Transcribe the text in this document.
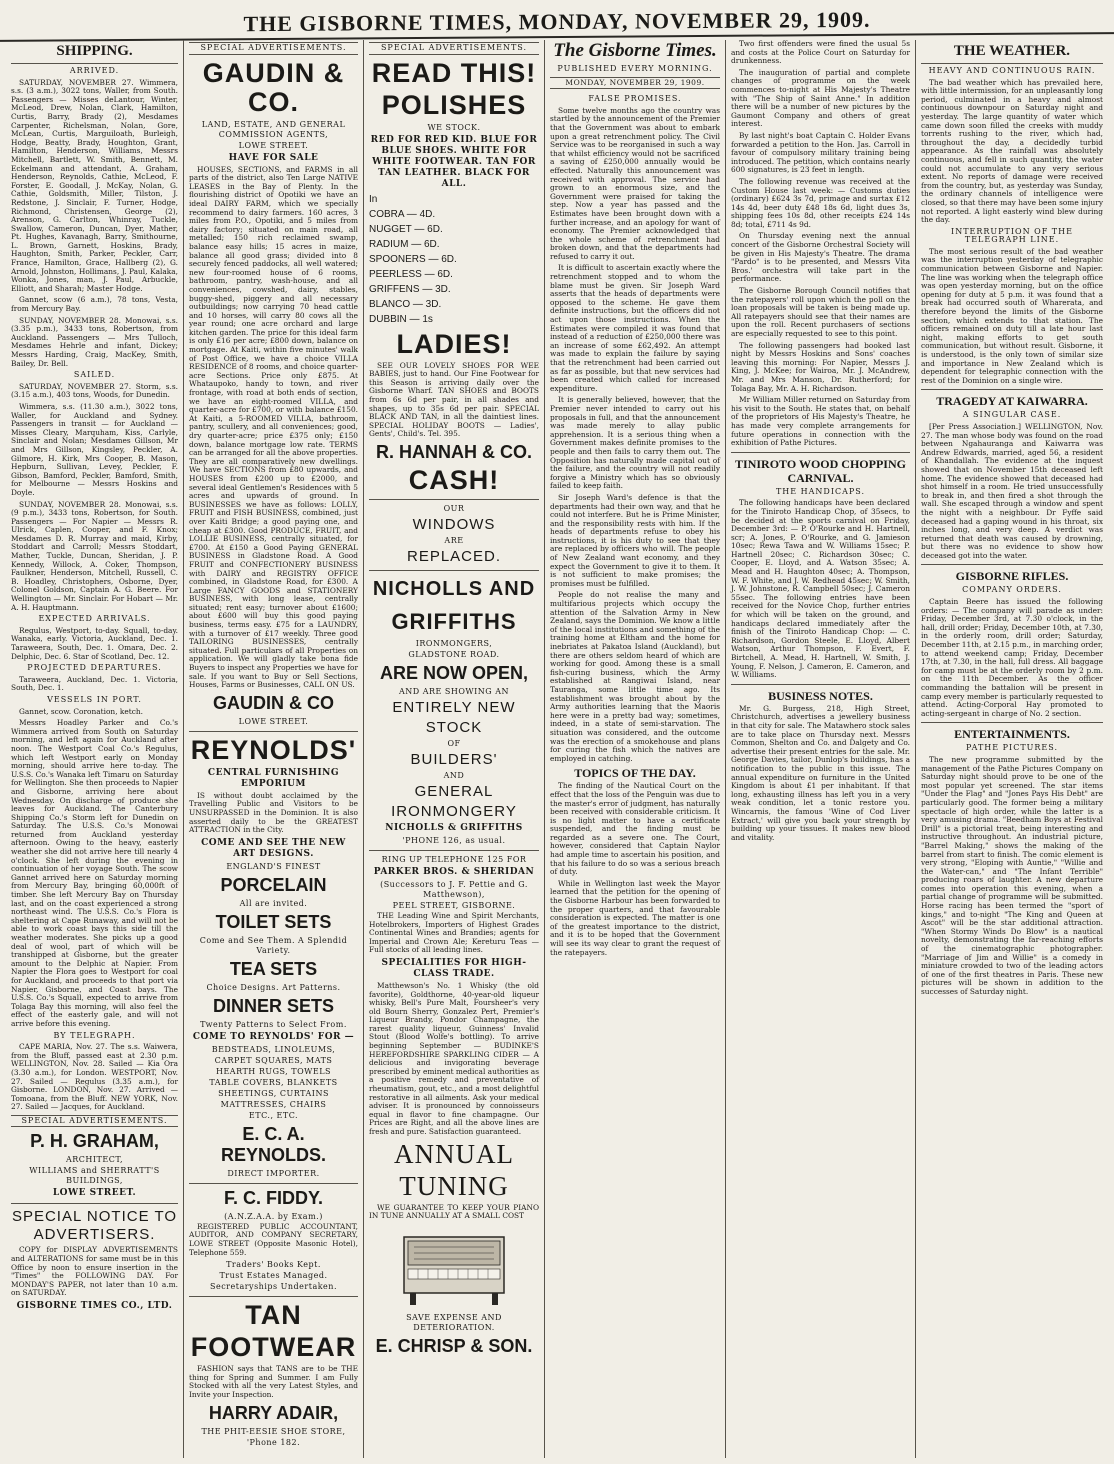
THE GISBORNE TIMES, MONDAY, NOVEMBER 29, 1909.
SHIPPING.
ARRIVED.

SATURDAY, NOVEMBER 27. Wimmera, s.s. (3 a.m.), 3022 tons, Waller, from South. Passengers — Misses deLantour, Winter, McLeod, Drew, Nolan, Clark, Hamilton, Curtis, Barry, Brady (2), Mesdames Carpenter, Richelsman, Nolan, Gore, McLean, Curtis, Marguiloath, Burleigh, Hodge, Beatty, Brady, Houghton, Grant, Hamilton, Henderson, Williams, Messrs Mitchell, Bartlett, W. Smith, Bennett, M. Eckelmann and attendant, A. Graham, Henderson, Reynolds, Cathie, McLeod, F. Forster, E. Goodall, J. McKay, Nolan, G. Cathie, Goldsmith, Miller, Tilston, J. Redstone, J. Sinclair, F. Turner, Hodge, Richmond, Christensen, George (2), Arenson, G. Carlton, Whinray, Tuckle, Swallow, Cameron, Duncan, Dyer, Mather, Pt. Hughes, Kavanagh, Barry, Smithourne, L. Brown, Garnett, Hoskins, Brady, Haughton, Smith, Parker, Peckler, Carr, France, Hamilton, Grace, Hallberg (2), G. Arnold, Johnston, Hollimans, J. Paul, Kalaka, Wonka, Jones, man, J. Paul, Arbuckle, Elliott, and Sharah; Master Hodge.

Gannet, scow (6 a.m.), 78 tons, Vesta, from Mercury Bay.

SUNDAY, NOVEMBER 28. Monowai, s.s. (3.35 p.m.), 3433 tons, Robertson, from Auckland. Passengers — Mrs Tulloch, Mesdames Hehrle and infant, Dickey; Messrs Harding, Craig, MacKey, Smith, Bailey, Dr. Bell.

SAILED.

SATURDAY, NOVEMBER 27. Storm, s.s. (3.15 a.m.), 403 tons, Woods, for Dunedin.

Wimmera, s.s. (11.30 a.m.), 3022 tons, Waller, for Auckland and Sydney. Passengers in transit — for Auckland — Misses Cleary, Marquham, Kiss, Carlyle, Sinclair and Nolan; Mesdames Gillson, Mr and Mrs Gillson, Kingsley, Peckler, A. Gilmore, H. Kirk, Mrs Cooper, B. Mason, Hepburn, Sullivan, Levey, Peckler, F. Gibson, Bamford, Peckler, Bamford, Smith, for Melbourne — Messrs Hoskins and Doyle.

SUNDAY, NOVEMBER 28. Monowai, s.s. (9 p.m.), 3433 tons, Robertson, for South. Passengers — For Napier — Messrs R. Ulrick, Caplen, Cooper, and F. Knox; Mesdames D. R. Murray and maid, Kirby, Stoddart and Carroll; Messrs Stoddart, Mather, Tuckle, Duncan, Sheridan, J. P. Kennedy, Willock, A. Coker, Thompson, Faulkner, Henderson, Mitchell, Russell, C. B. Hoadley, Christophers, Osborne, Dyer, Colonel Goldson, Captain A. G. Beere. For Wellington — Mr. Sinclair. For Hobart — Mr. A. H. Hauptmann.

EXPECTED ARRIVALS.

Regulus, Westport, to-day. Squall, to-day. Wanaka, early. Victoria, Auckland, Dec. 1. Taraweera, South, Dec. 1. Omara, Dec. 2. Delphic, Dec. 6. Star of Scotland, Dec. 12.

PROJECTED DEPARTURES.

Taraweera, Auckland, Dec. 1. Victoria, South, Dec. 1.

VESSELS IN PORT.

Gannet, scow. Coronation, ketch.

Messrs Hoadley Parker and Co.'s Wimmera arrived from South on Saturday morning, and left again for Auckland after noon. The Westport Coal Co.'s Regulus, which left Westport early on Monday morning, should arrive here to-day. The U.S.S. Co.'s Wanaka left Timaru on Saturday for Wellington. She then proceeds to Napier and Gisborne, arriving here about Wednesday. On discharge of produce she leaves for Auckland. The Canterbury Shipping Co.'s Storm left for Dunedin on Saturday. The U.S.S. Co.'s Monowai returned from Auckland yesterday afternoon. Owing to the heavy, easterly weather she did not arrive here till nearly 4 o'clock. She left during the evening in continuation of her voyage South. The scow Gannet arrived here on Saturday morning from Mercury Bay, bringing 60,000ft of timber. She left Mercury Bay on Thursday last, and on the coast experienced a strong northeast wind. The U.S.S. Co.'s Flora is sheltering at Cape Runaway, and will not be able to work coast bays this side till the weather moderates. She picks up a good deal of wool, part of which will be transhipped at Gisborne, but the greater amount to the Delphic at Napier. From Napier the Flora goes to Westport for coal for Auckland, and proceeds to that port via Napier, Gisborne, and Coast bays. The U.S.S. Co.'s Squall, expected to arrive from Tolaga Bay this morning, will also feel the effect of the easterly gale, and will not arrive before this evening.

BY TELEGRAPH.

CAPE MARIA, Nov. 27. The s.s. Waiwera, from the Bluff, passed east at 2.30 p.m. WELLINGTON, Nov. 28. Sailed — Kia Ora (3.30 a.m.), for London. WESTPORT, Nov. 27. Sailed — Regulus (3.35 a.m.), for Gisborne. LONDON, Nov. 27. Arrived — Tomoana, from the Bluff. NEW YORK, Nov. 27. Sailed — Jacques, for Auckland.

SPECIAL ADVERTISEMENTS.
P. H. GRAHAM,
ARCHITECT,
WILLIAMS and SHERRATT'S BUILDINGS,
LOWE STREET.
SPECIAL NOTICE TO ADVERTISERS.

COPY for DISPLAY ADVERTISEMENTS and ALTERATIONS for same must be in this Office by noon to ensure insertion in the "Times" the FOLLOWING DAY. For MONDAY'S PAPER, not later than 10 a.m. on SATURDAY.

GISBORNE TIMES CO., LTD.
SPECIAL ADVERTISEMENTS.
GAUDIN & CO.
LAND, ESTATE, AND GENERAL COMMISSION AGENTS,
LOWE STREET.
HAVE FOR SALE

HOUSES, SECTIONS, and FARMS in all parts of the district, also Ten Large NATIVE LEASES in the Bay of Plenty. In the flourishing district of Opotiki we have an ideal DAIRY FARM, which we specially recommend to dairy farmers. 160 acres, 3 miles from P.O., Opotiki, and 5 miles from dairy factory; situated on main road, all metalled; 150 rich reclaimed swamp, balance easy hills; 15 acres in maize, balance all good grass; divided into 8 securely fenced paddocks, all well watered; new four-roomed house of 6 rooms, bathroom, pantry, wash-house, and all conveniences, cowshed, dairy, stables, buggy-shed, piggery and all necessary outbuildings; now carrying 70 head cattle and 10 horses, will carry 80 cows all the year round; one acre orchard and large kitchen garden. The price for this ideal farm is only £16 per acre; £800 down, balance on mortgage. At Kaiti, within five minutes' walk of Post Office, we have a choice VILLA RESIDENCE of 8 rooms, and choice quarter-acre Sections. Price only £875. At Whataupoko, handy to town, and river frontage, with road at both ends of section, we have an eight-roomed VILLA, and quarter-acre for £700, or with balance £150. At Kaiti, a 5-ROOMED VILLA, bathroom, pantry, scullery, and all conveniences; good, dry quarter-acre; price £375 only; £150 down, balance mortgage low rate. TERMS can be arranged for all the above properties. They are all comparatively new dwellings. We have SECTIONS from £80 upwards, and HOUSES from £200 up to £2000, and several ideal Gentlemen's Residences with 5 acres and upwards of ground. In BUSINESSES we have as follows: LOLLY, FRUIT and FISH BUSINESS, combined, just over Kaiti Bridge; a good paying one, and cheap at £300. Good PRODUCE, FRUIT, and LOLLIE BUSINESS, centrally situated, for £700. At £150 a Good Paying GENERAL BUSINESS in Gladstone Road. A Good FRUIT and CONFECTIONERY BUSINESS with DAIRY and REGISTRY OFFICE combined, in Gladstone Road, for £300. A Large FANCY GOODS and STATIONERY BUSINESS, with long lease, centrally situated; rent easy; turnover about £1600; about £600 will buy this good paying business, terms easy. £75 for a LAUNDRY, with a turnover of £17 weekly. Three good TAILORING BUSINESSES, centrally situated. Full particulars of all Properties on application. We will gladly take bona fide Buyers to inspect any Properties we have for sale. If you want to Buy or Sell Sections, Houses, Farms or Businesses, CALL ON US.

GAUDIN & CO
LOWE STREET.
REYNOLDS'
CENTRAL FURNISHING EMPORIUM

IS without doubt acclaimed by the Travelling Public and Visitors to be UNSURPASSED in the Dominion. It is also asserted daily to be the GREATEST ATTRACTION in the City.

COME AND SEE THE NEW ART DESIGNS.
ENGLAND'S FINEST
PORCELAIN
All are invited.
TOILET SETS
Come and See Them. A Splendid Variety.
TEA SETS
Choice Designs. Art Patterns.
DINNER SETS
Twenty Patterns to Select From.
COME TO REYNOLDS' FOR —
BEDSTEADS, LINOLEUMS,
CARPET SQUARES, MATS
HEARTH RUGS, TOWELS
TABLE COVERS, BLANKETS
SHEETINGS, CURTAINS
MATTRESSES, CHAIRS
ETC., ETC.
E. C. A. REYNOLDS.
DIRECT IMPORTER.
F. C. FIDDY.
(A.N.Z.A.A. by Exam.)

REGISTERED PUBLIC ACCOUNTANT, AUDITOR, AND COMPANY SECRETARY, LOWE STREET (Opposite Masonic Hotel), Telephone 559.

Traders' Books Kept.
Trust Estates Managed.
Secretaryships Undertaken.
TAN
FOOTWEAR

FASHION says that TANS are to be THE thing for Spring and Summer. I am Fully Stocked with all the very Latest Styles, and Invite your Inspection.

HARRY ADAIR,
THE PHIT-EESIE SHOE STORE,
'Phone 182.
SPECIAL ADVERTISEMENTS.
READ THIS!
POLISHES
WE STOCK.
RED FOR RED KID. BLUE FOR BLUE SHOES. WHITE FOR WHITE FOOTWEAR. TAN FOR TAN LEATHER. BLACK FOR ALL.
In
COBRA — 4D.
NUGGET — 6D.
RADIUM — 6D.
SPOONERS — 6D.
PEERLESS — 6D.
GRIFFENS — 3D.
BLANCO — 3D.
DUBBIN — 1s
LADIES!

SEE OUR LOVELY SHOES FOR WEE BABIES, just to hand. Our Fine Footwear for this Season is arriving daily over the Gisborne Wharf. TAN SHOES and BOOTS from 6s 6d per pair, in all shades and shapes, up to 35s 6d per pair. SPECIAL BLACK AND TAN, in all the daintiest lines. SPECIAL HOLIDAY BOOTS — Ladies', Gents', Child's. Tel. 395.

R. HANNAH & CO.
CASH!
OUR
WINDOWS
ARE
REPLACED.
NICHOLLS AND
GRIFFITHS
IRONMONGERS,
GLADSTONE ROAD.
ARE NOW OPEN,
AND ARE SHOWING AN
ENTIRELY NEW
STOCK
OF
BUILDERS'
AND
GENERAL
IRONMONGERY
NICHOLLS & GRIFFITHS
'PHONE 126, as usual.
RING UP TELEPHONE 125 FOR
PARKER BROS. & SHERIDAN
(Successors to J. F. Pettie and G. Matthewson),
PEEL STREET, GISBORNE.

THE Leading Wine and Spirit Merchants, Hotelbrokers, Importers of Highest Grades Continental Wines and Brandies; agents for Imperial and Crown Ale; Kereturu Teas — Full stocks of all leading lines.

SPECIALITIES FOR HIGH-CLASS TRADE.

Matthewson's No. 1 Whisky (the old favorite), Goldthorne, 40-year-old liqueur whisky, Bell's Pure Malt, Foursheer's very old Bourn Sherry, Gonzalez Pert, Premier's Liqueur Brandy, Pondor Champagne, the rarest quality liqueur, Guinness' Invalid Stout (Blood Wolfe's bottling). To arrive beginning September — BUDINKE'S HEREFORDSHIRE SPARKLING CIDER — A delicious and invigorating beverage prescribed by eminent medical authorities as a positive remedy and preventative of rheumatism, gout, etc., and a most delightful restorative in all ailments. Ask your medical adviser. It is pronounced by connoisseurs equal in flavor to fine champagne. Our Prices are Right, and all the above lines are fresh and pure. Satisfaction guaranteed.

ANNUAL
TUNING

WE GUARANTEE TO KEEP YOUR PIANO IN TUNE ANNUALLY AT A SMALL COST

SAVE EXPENSE AND DETERIORATION.
E. CHRISP & SON.
The Gisborne Times.
PUBLISHED EVERY MORNING.
MONDAY, NOVEMBER 29, 1909.
FALSE PROMISES.

Some twelve months ago the country was startled by the announcement of the Premier that the Government was about to embark upon a great retrenchment policy. The Civil Service was to be reorganised in such a way that whilst efficiency would not be sacrificed a saving of £250,000 annually would be effected. Naturally this announcement was received with approval. The service had grown to an enormous size, and the Government were praised for taking the step. Now a year has passed and the Estimates have been brought down with a further increase, and an apology for want of economy. The Premier acknowledged that the whole scheme of retrenchment had broken down, and that the departments had refused to carry it out.

It is difficult to ascertain exactly where the retrenchment stopped and to whom the blame must be given. Sir Joseph Ward asserts that the heads of departments were opposed to the scheme. He gave them definite instructions, but the officers did not act upon those instructions. When the Estimates were compiled it was found that instead of a reduction of £250,000 there was an increase of some £62,492. An attempt was made to explain the failure by saying that the retrenchment had been carried out as far as possible, but that new services had been created which called for increased expenditure.

It is generally believed, however, that the Premier never intended to carry out his proposals in full, and that the announcement was made merely to allay public apprehension. It is a serious thing when a Government makes definite promises to the people and then fails to carry them out. The Opposition has naturally made capital out of the failure, and the country will not readily forgive a Ministry which has so obviously failed to keep faith.

Sir Joseph Ward's defence is that the departments had their own way, and that he could not interfere. But he is Prime Minister, and the responsibility rests with him. If the heads of departments refuse to obey his instructions, it is his duty to see that they are replaced by officers who will. The people of New Zealand want economy, and they expect the Government to give it to them. It is not sufficient to make promises; the promises must be fulfilled.

People do not realise the many and multifarious projects which occupy the attention of the Salvation Army in New Zealand, says the Dominion. We know a little of the local institutions and something of the training home at Eltham and the home for inebriates at Pakatoa Island (Auckland), but there are others seldom heard of which are working for good. Among these is a small fish-curing business, which the Army established at Rangiwai Island, near Tauranga, some little time ago. Its establishment was brought about by the Army authorities learning that the Maoris here were in a pretty bad way; sometimes, indeed, in a state of semi-starvation. The situation was considered, and the outcome was the erection of a smokehouse and plans for curing the fish which the natives are employed in catching.

TOPICS OF THE DAY.

The finding of the Nautical Court on the effect that the loss of the Penguin was due to the master's error of judgment, has naturally been received with considerable criticism. It is no light matter to have a certificate suspended, and the finding must be regarded as a severe one. The Court, however, considered that Captain Naylor had ample time to ascertain his position, and that his failure to do so was a serious breach of duty.

While in Wellington last week the Mayor learned that the petition for the opening of the Gisborne Harbour has been forwarded to the proper quarters, and that favourable consideration is expected. The matter is one of the greatest importance to the district, and it is to be hoped that the Government will see its way clear to grant the request of the ratepayers.

Two first offenders were fined the usual 5s and costs at the Police Court on Saturday for drunkenness.

The inauguration of partial and complete changes of programme on the week commences to-night at His Majesty's Theatre with "The Ship of Saint Anne." In addition there will be a number of new pictures by the Gaumont Company and others of great interest.

By last night's boat Captain C. Holder Evans forwarded a petition to the Hon. Jas. Carroll in favour of compulsory military training being introduced. The petition, which contains nearly 600 signatures, is 23 feet in length.

The following revenue was received at the Custom House last week: — Customs duties (ordinary) £624 3s 7d, primage and surtax £12 14s 4d, beer duty £48 18s 6d, light dues 3s, shipping fees 10s 8d, other receipts £24 14s 8d; total, £711 4s 9d.

On Thursday evening next the annual concert of the Gisborne Orchestral Society will be given in His Majesty's Theatre. The drama "Pardo" is to be presented, and Messrs Vita Bros.' orchestra will take part in the performance.

The Gisborne Borough Council notifies that the ratepayers' roll upon which the poll on the loan proposals will be taken is being made up. All ratepayers should see that their names are upon the roll. Recent purchasers of sections are especially requested to see to this point.

The following passengers had booked last night by Messrs Hoskins and Sons' coaches leaving this morning: For Napier, Messrs J. King, J. McKee; for Wairoa, Mr. J. McAndrew, Mr. and Mrs Manson, Dr. Rutherford; for Tolaga Bay, Mr. A. H. Richardson.

Mr William Miller returned on Saturday from his visit to the South. He states that, on behalf of the proprietors of His Majesty's Theatre, he has made very complete arrangements for future operations in connection with the exhibition of Pathe Pictures.

TINIROTO WOOD CHOPPING CARNIVAL.
THE HANDICAPS.

The following handicaps have been declared for the Tiniroto Handicap Chop, of 35secs, to be decided at the sports carnival on Friday, December 3rd: — P. O'Rourke and H. Hartnell, scr; A. Jones, P. O'Rourke, and G. Jamieson 10sec; Rewa Tawa and W. Williams 15sec; P. Hartnell 20sec; C. Richardson 30sec; C. Cooper, E. Lloyd, and A. Watson 35sec; A. Mead and H. Haughton 40sec; A. Thompson, W. F. White, and J. W. Redhead 45sec; W. Smith, J. W. Johnstone, R. Campbell 50sec; J. Cameron 55sec. The following entries have been received for the Novice Chop, further entries for which will be taken on the ground, and handicaps declared immediately after the finish of the Tiniroto Handicap Chop: — C. Richardson, Gordon Steele, E. Lloyd, Albert Watson, Arthur Thompson, F. Evert, F. Birtchell, A. Mead, H. Hartnell, W. Smith, J. Young, F. Nelson, J. Cameron, E. Cameron, and W. Williams.

BUSINESS NOTES.

Mr. G. Burgess, 218, High Street, Christchurch, advertises a jewellery business in that city for sale. The Matawhero stock sales are to take place on Thursday next. Messrs Common, Shelton and Co. and Dalgety and Co. advertise their present entries for the sale. Mr. George Davies, tailor, Dunlop's buildings, has a notification to the public in this issue. The annual expenditure on furniture in the United Kingdom is about £1 per inhabitant. If that long, exhausting illness has left you in a very weak condition, let a tonic restore you. Wincarnis, the famous 'Wine of Cod Liver Extract,' will give you back your strength by building up your tissues. It makes new blood and vitality.

THE WEATHER.
HEAVY AND CONTINUOUS RAIN.

The bad weather which has prevailed here, with little intermission, for an unpleasantly long period, culminated in a heavy and almost continuous downpour on Saturday night and yesterday. The large quantity of water which came down soon filled the creeks with muddy torrents rushing to the river, which had, throughout the day, a decidedly turbid appearance. As the rainfall was absolutely continuous, and fell in such quantity, the water could not accumulate to any very serious extent. No reports of damage were received from the country, but, as yesterday was Sunday, the ordinary channels of intelligence were closed, so that there may have been some injury not reported. A light easterly wind blew during the day.

INTERRUPTION OF THE TELEGRAPH LINE.

The most serious result of the bad weather was the interruption yesterday of telegraphic communication between Gisborne and Napier. The line was working when the telegraph office was open yesterday morning, but on the office opening for duty at 5 p.m. it was found that a break had occurred south of Wharerata, and therefore beyond the limits of the Gisborne section, which extends to that station. The officers remained on duty till a late hour last night, making efforts to get south communication, but without result. Gisborne, it is understood, is the only town of similar size and importance in New Zealand which is dependent for telegraphic connection with the rest of the Dominion on a single wire.

TRAGEDY AT KAIWARRA.
A SINGULAR CASE.

[Per Press Association.] WELLINGTON, Nov. 27. The man whose body was found on the road between Ngahauranga and Kaiwarra was Andrew Edwards, married, aged 56, a resident of Khandallah. The evidence at the inquest showed that on November 15th deceased left home. The evidence showed that deceased had shot himself in a room. He tried unsuccessfully to break in, and then fired a shot through the wall. She escaped through a window and spent the night with a neighbour. Dr Fyffe said deceased had a gaping wound in his throat, six inches long, and very deep. A verdict was returned that death was caused by drowning, but there was no evidence to show how deceased got into the water.

GISBORNE RIFLES.
COMPANY ORDERS.

Captain Beere has issued the following orders: — The company will parade as under: Friday, December 3rd, at 7.30 o'clock, in the hall, drill order; Friday, December 10th, at 7.30, in the orderly room, drill order; Saturday, December 11th, at 2.15 p.m., in marching order, to attend weekend camp; Friday, December 17th, at 7.30, in the hall, full dress. All baggage for camp must be at the orderly room by 2 p.m. on the 11th December. As the officer commanding the battalion will be present in camp every member is particularly requested to attend. Acting-Corporal Hay promoted to acting-sergeant in charge of No. 2 section.

ENTERTAINMENTS.
PATHE PICTURES.

The new programme submitted by the management of the Pathe Pictures Company on Saturday night should prove to be one of the most popular yet screened. The star items "Under the Flag" and "Jones Pays His Debt" are particularly good. The former being a military spectacle of high order, while the latter is a very amusing drama. "Beedham Boys at Festival Drill" is a pictorial treat, being interesting and instructive throughout. An industrial picture, "Barrel Making," shows the making of the barrel from start to finish. The comic element is very strong, "Eloping with Auntie," "Willie and the Water-can," and "The Infant Terrible" producing roars of laughter. A new departure comes into operation this evening, when a partial change of programme will be submitted. Horse racing has been termed the "sport of kings," and to-night "The King and Queen at Ascot" will be the star additional attraction. "When Stormy Winds Do Blow" is a nautical novelty, demonstrating the far-reaching efforts of the cinematographic photographer. "Marriage of Jim and Willie" is a comedy in miniature crowded to two of the leading actors of one of the first theatres in Paris. These new pictures will be shown in addition to the successes of Saturday night.
